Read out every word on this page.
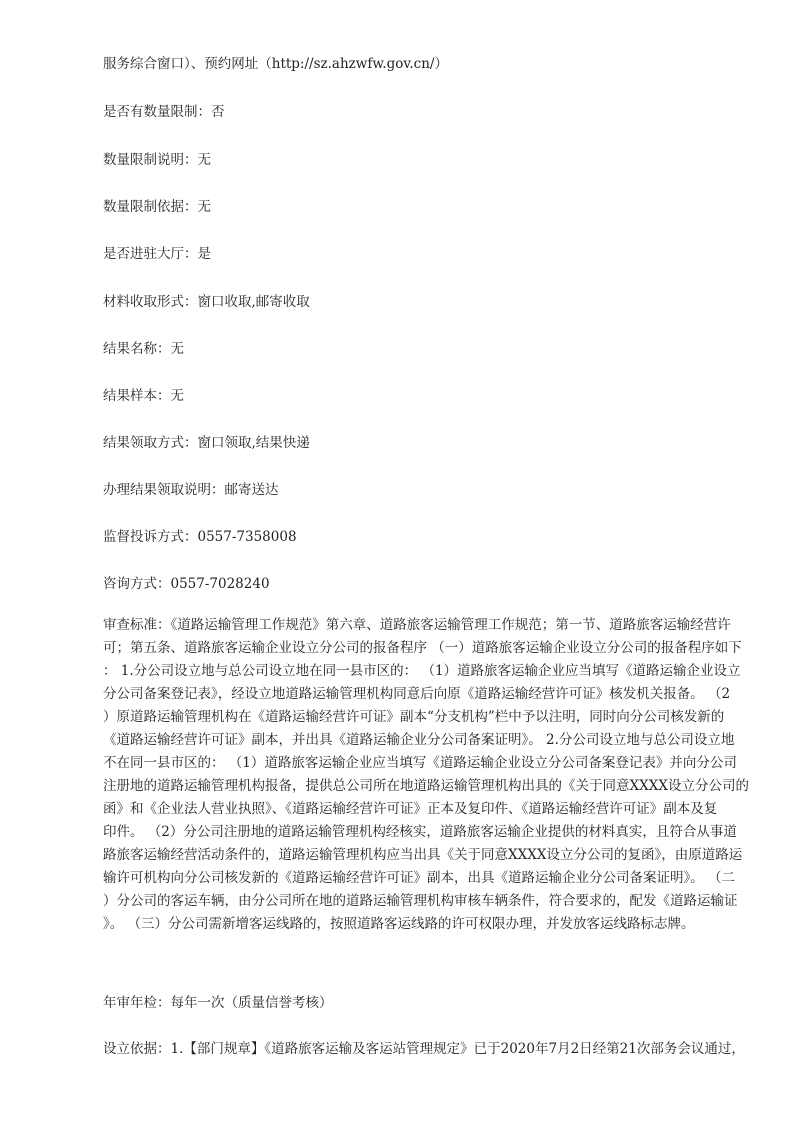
服务综合窗口）、预约网址（http://sz.ahzwfw.gov.cn/）
是否有数量限制：否
数量限制说明：无
数量限制依据：无
是否进驻大厅：是
材料收取形式：窗口收取,邮寄收取
结果名称：无
结果样本：无
结果领取方式：窗口领取,结果快递
办理结果领取说明：邮寄送达
监督投诉方式：0557-7358008
咨询方式：0557-7028240

审查标准：《道路运输管理工作规范》第六章、道路旅客运输管理工作规范；第一节、道路旅客运输经营许
可；第五条、道路旅客运输企业设立分公司的报备程序 （一）道路旅客运输企业设立分公司的报备程序如下
： 1.分公司设立地与总公司设立地在同一县市区的： （1）道路旅客运输企业应当填写《道路运输企业设立
分公司备案登记表》，经设立地道路运输管理机构同意后向原《道路运输经营许可证》核发机关报备。 （2
）原道路运输管理机构在《道路运输经营许可证》副本“分支机构”栏中予以注明，同时向分公司核发新的
《道路运输经营许可证》副本，并出具《道路运输企业分公司备案证明》。 2.分公司设立地与总公司设立地
不在同一县市区的： （1）道路旅客运输企业应当填写《道路运输企业设立分公司备案登记表》并向分公司
注册地的道路运输管理机构报备，提供总公司所在地道路运输管理机构出具的《关于同意XXXX设立分公司的
函》和《企业法人营业执照》、《道路运输经营许可证》正本及复印件、《道路运输经营许可证》副本及复
印件。 （2）分公司注册地的道路运输管理机构经核实，道路旅客运输企业提供的材料真实，且符合从事道
路旅客运输经营活动条件的，道路运输管理机构应当出具《关于同意XXXX设立分公司的复函》，由原道路运
输许可机构向分公司核发新的《道路运输经营许可证》副本，出具《道路运输企业分公司备案证明》。 （二
）分公司的客运车辆，由分公司所在地的道路运输管理机构审核车辆条件，符合要求的，配发《道路运输证
》。 （三）分公司需新增客运线路的，按照道路客运线路的许可权限办理，并发放客运线路标志牌。

年审年检：每年一次（质量信誉考核）
设立依据：1.【部门规章】《道路旅客运输及客运站管理规定》已于2020年7月2日经第21次部务会议通过，
